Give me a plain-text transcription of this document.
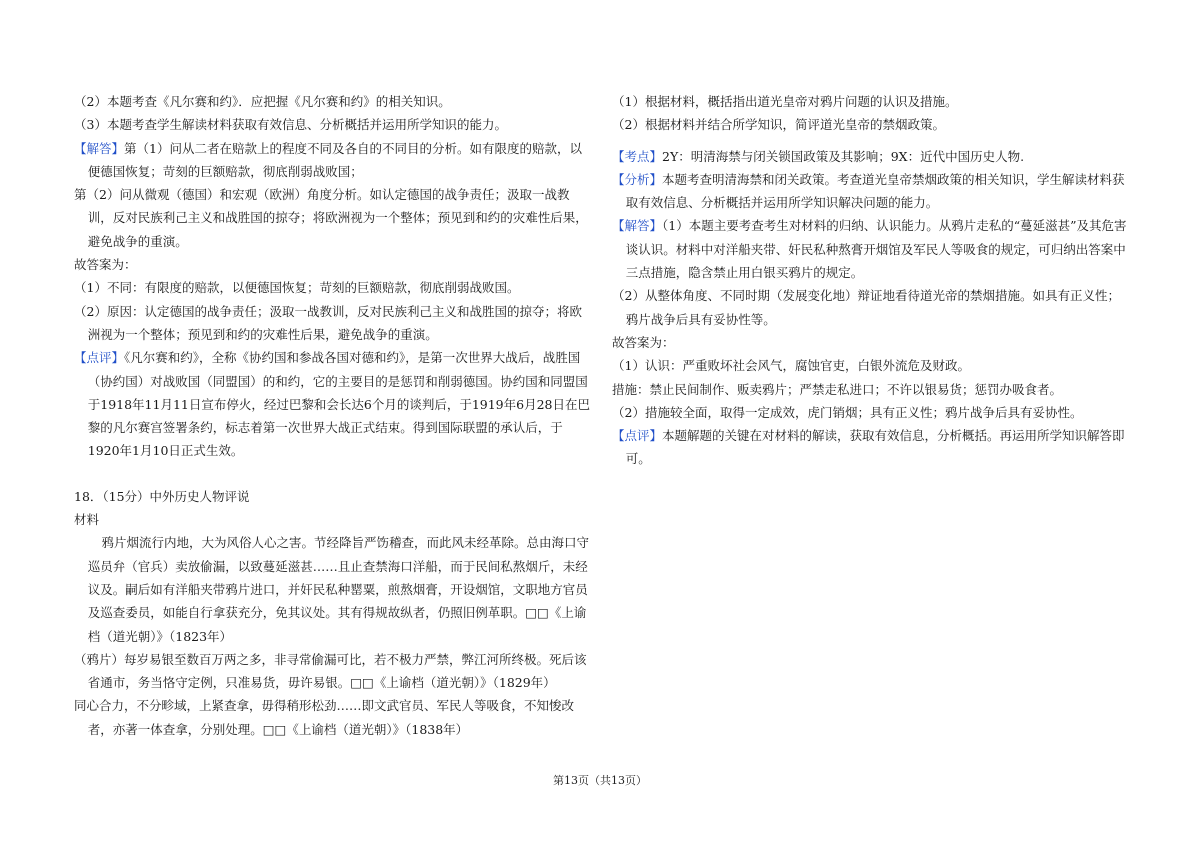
（2）本题考查《凡尔赛和约》．应把握《凡尔赛和约》的相关知识。

（3）本题考查学生解读材料获取有效信息、分析概括并运用所学知识的能力。

【解答】第（1）问从二者在赔款上的程度不同及各自的不同目的分析。如有限度的赔款，以便德国恢复；苛刻的巨额赔款，彻底削弱战败国；

第（2）问从微观（德国）和宏观（欧洲）角度分析。如认定德国的战争责任；汲取一战教训，反对民族利己主义和战胜国的掠夺；将欧洲视为一个整体；预见到和约的灾难性后果，避免战争的重演。

故答案为：

（1）不同：有限度的赔款，以便德国恢复；苛刻的巨额赔款，彻底削弱战败国。

（2）原因：认定德国的战争责任；汲取一战教训，反对民族利己主义和战胜国的掠夺；将欧洲视为一个整体；预见到和约的灾难性后果，避免战争的重演。

【点评】《凡尔赛和约》，全称《协约国和参战各国对德和约》，是第一次世界大战后，战胜国（协约国）对战败国（同盟国）的和约，它的主要目的是惩罚和削弱德国。协约国和同盟国于1918年11月11日宣布停火，经过巴黎和会长达6个月的谈判后，于1919年6月28日在巴黎的凡尔赛宫签署条约，标志着第一次世界大战正式结束。得到国际联盟的承认后，于1920年1月10日正式生效。

18．（15分）中外历史人物评说

材料

鸦片烟流行内地，大为风俗人心之害。节经降旨严饬稽查，而此风未经革除。总由海口守巡员弁（官兵）卖放偷漏，以致蔓延滋甚……且止查禁海口洋船，而于民间私熬烟斤，未经议及。嗣后如有洋船夹带鸦片进口，并奸民私种罂粟，煎熬烟膏，开设烟馆，文职地方官员及巡查委员，如能自行拿获充分，免其议处。其有得规故纵者，仍照旧例革职。□□《上谕档（道光朝）》（1823年）

（鸦片）每岁易银至数百万两之多，非寻常偷漏可比，若不极力严禁，弊江河所终极。死后该省通市，务当恪守定例，只准易货，毋许易银。□□《上谕档（道光朝）》（1829年）

同心合力，不分畛域，上紧查拿，毋得稍形松劲……即文武官员、军民人等吸食，不知悛改者，亦著一体查拿，分别处理。□□《上谕档（道光朝）》（1838年）

（1）根据材料，概括指出道光皇帝对鸦片问题的认识及措施。

（2）根据材料并结合所学知识，简评道光皇帝的禁烟政策。

【考点】2Y：明清海禁与闭关锁国政策及其影响；9X：近代中国历史人物.

【分析】本题考查明清海禁和闭关政策。考查道光皇帝禁烟政策的相关知识，学生解读材料获取有效信息、分析概括并运用所学知识解决问题的能力。

【解答】（1）本题主要考查考生对材料的归纳、认识能力。从鸦片走私的“蔓延滋甚”及其危害谈认识。材料中对洋船夹带、奸民私种熬膏开烟馆及军民人等吸食的规定，可归纳出答案中三点措施，隐含禁止用白银买鸦片的规定。

（2）从整体角度、不同时期（发展变化地）辩证地看待道光帝的禁烟措施。如具有正义性；鸦片战争后具有妥协性等。

故答案为：

（1）认识：严重败坏社会风气，腐蚀官吏，白银外流危及财政。

措施：禁止民间制作、贩卖鸦片；严禁走私进口；不许以银易货；惩罚办吸食者。

（2）措施较全面，取得一定成效，虎门销烟；具有正义性；鸦片战争后具有妥协性。

【点评】本题解题的关键在对材料的解读，获取有效信息，分析概括。再运用所学知识解答即可。

第13页（共13页）
